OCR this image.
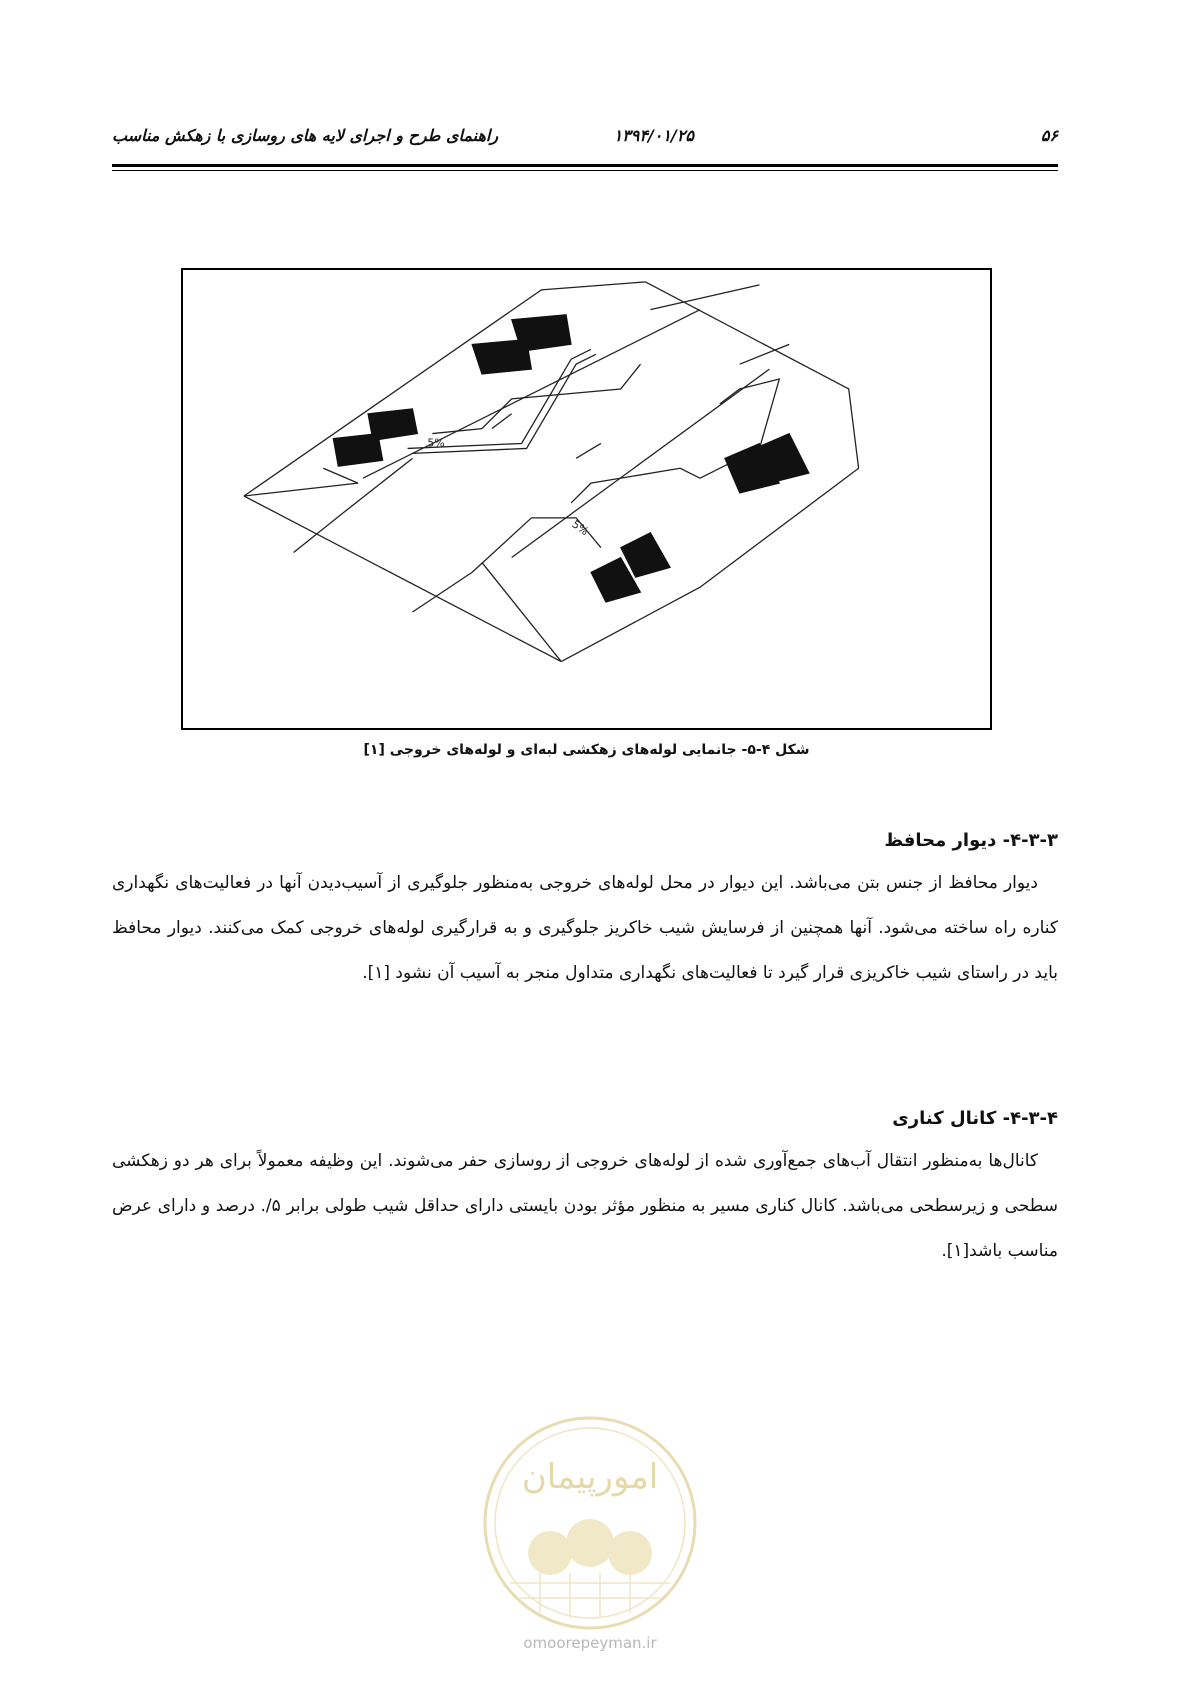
۵۶
۱۳۹۴/۰۱/۲۵
راهنمای طرح و اجرای لایه های روسازی با زهکش مناسب
5%
5%
شکل ۴-۵- جانمایی لوله‌های زهکشی لبه‌ای و لوله‌های خروجی [۱]

۴-۳-۳- دیوار محافظ

دیوار محافظ از جنس بتن می‌باشد. این دیوار در محل لوله‌های خروجی به‌منظور جلوگیری از آسیب‌دیدن آنها در فعالیت‌های نگهداری کناره راه ساخته می‌شود. آنها همچنین از فرسایش شیب خاکریز جلوگیری و به قرارگیری لوله‌های خروجی کمک می‌کنند. دیوار محافظ باید در راستای شیب خاکریزی قرار گیرد تا فعالیت‌های نگهداری متداول منجر به آسیب آن نشود [۱].

۴-۳-۴- کانال کناری

کانال‌ها به‌منظور انتقال آب‌های جمع‌آوری شده از لوله‌های خروجی از روسازی حفر می‌شوند. این وظیفه معمولاً برای هر دو زهکشی سطحی و زیرسطحی می‌باشد. کانال کناری مسیر به منظور مؤثر بودن بایستی دارای حداقل شیب طولی برابر ۵/. درصد و دارای عرض مناسب باشد[۱].

امورپیمان
omoorepeyman.ir
